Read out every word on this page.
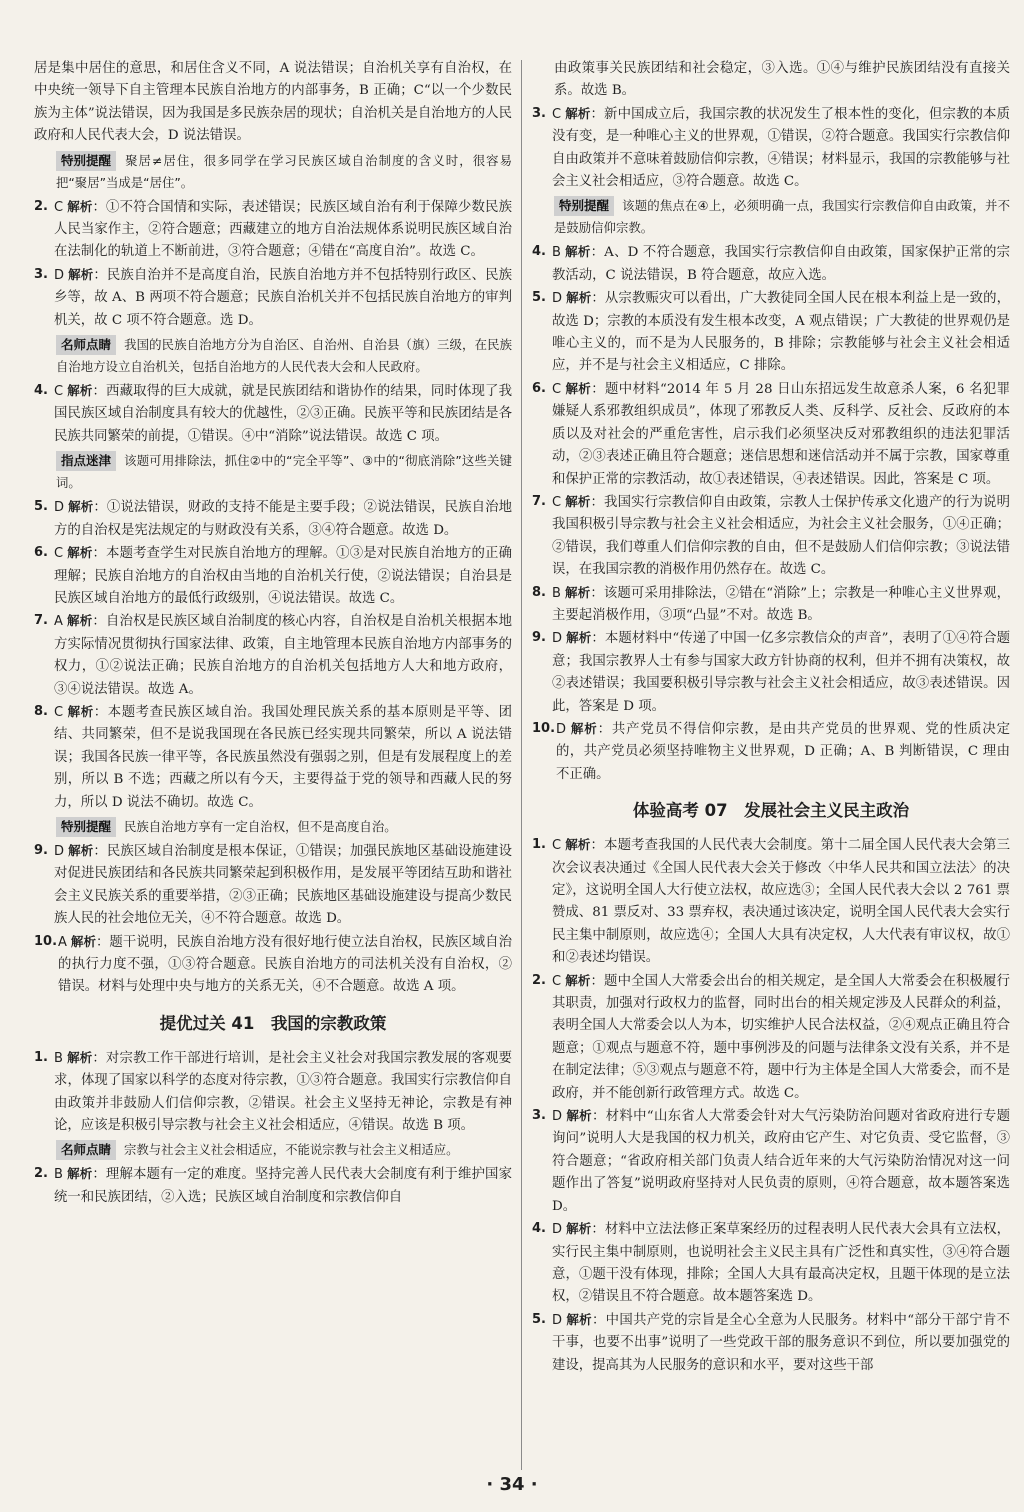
居是集中居住的意思，和居住含义不同，A 说法错误；自治机关享有自治权，在中央统一领导下自主管理本民族自治地方的内部事务，B 正确；C“以一个少数民族为主体”说法错误，因为我国是多民族杂居的现状；自治机关是自治地方的人民政府和人民代表大会，D 说法错误。

特别提醒 聚居≠居住，很多同学在学习民族区域自治制度的含义时，很容易把“聚居”当成是“居住”。
2. C 解析：①不符合国情和实际，表述错误；民族区域自治有利于保障少数民族人民当家作主，②符合题意；西藏建立的地方自治法规体系说明民族区域自治在法制化的轨道上不断前进，③符合题意；④错在“高度自治”。故选 C。
3. D 解析：民族自治并不是高度自治，民族自治地方并不包括特别行政区、民族乡等，故 A、B 两项不符合题意；民族自治机关并不包括民族自治地方的审判机关，故 C 项不符合题意。选 D。
名师点睛 我国的民族自治地方分为自治区、自治州、自治县（旗）三级，在民族自治地方设立自治机关，包括自治地方的人民代表大会和人民政府。
4. C 解析：西藏取得的巨大成就，就是民族团结和谐协作的结果，同时体现了我国民族区域自治制度具有较大的优越性，②③正确。民族平等和民族团结是各民族共同繁荣的前提，①错误。④中“消除”说法错误。故选 C 项。
指点迷津 该题可用排除法，抓住②中的“完全平等”、③中的“彻底消除”这些关键词。
5. D 解析：①说法错误，财政的支持不能是主要手段；②说法错误，民族自治地方的自治权是宪法规定的与财政没有关系，③④符合题意。故选 D。
6. C 解析：本题考查学生对民族自治地方的理解。①③是对民族自治地方的正确理解；民族自治地方的自治权由当地的自治机关行使，②说法错误；自治县是民族区域自治地方的最低行政级别，④说法错误。故选 C。
7. A 解析：自治权是民族区域自治制度的核心内容，自治权是自治机关根据本地方实际情况贯彻执行国家法律、政策，自主地管理本民族自治地方内部事务的权力，①②说法正确；民族自治地方的自治机关包括地方人大和地方政府，③④说法错误。故选 A。
8. C 解析：本题考查民族区域自治。我国处理民族关系的基本原则是平等、团结、共同繁荣，但不是说我国现在各民族已经实现共同繁荣，所以 A 说法错误；我国各民族一律平等，各民族虽然没有强弱之别，但是有发展程度上的差别，所以 B 不选；西藏之所以有今天，主要得益于党的领导和西藏人民的努力，所以 D 说法不确切。故选 C。
特别提醒 民族自治地方享有一定自治权，但不是高度自治。
9. D 解析：民族区域自治制度是根本保证，①错误；加强民族地区基础设施建设对促进民族团结和各民族共同繁荣起到积极作用，是发展平等团结互助和谐社会主义民族关系的重要举措，②③正确；民族地区基础设施建设与提高少数民族人民的社会地位无关，④不符合题意。故选 D。
10. A 解析：题干说明，民族自治地方没有很好地行使立法自治权，民族区域自治的执行力度不强，①③符合题意。民族自治地方的司法机关没有自治权，②错误。材料与处理中央与地方的关系无关，④不合题意。故选 A 项。
提优过关 41　我国的宗教政策
1. B 解析：对宗教工作干部进行培训，是社会主义社会对我国宗教发展的客观要求，体现了国家以科学的态度对待宗教，①③符合题意。我国实行宗教信仰自由政策并非鼓励人们信仰宗教，②错误。社会主义坚持无神论，宗教是有神论，应该是积极引导宗教与社会主义社会相适应，④错误。故选 B 项。
名师点睛 宗教与社会主义社会相适应，不能说宗教与社会主义相适应。
2. B 解析：理解本题有一定的难度。坚持完善人民代表大会制度有利于维护国家统一和民族团结，②入选；民族区域自治制度和宗教信仰自

由政策事关民族团结和社会稳定，③入选。①④与维护民族团结没有直接关系。故选 B。

3. C 解析：新中国成立后，我国宗教的状况发生了根本性的变化，但宗教的本质没有变，是一种唯心主义的世界观，①错误，②符合题意。我国实行宗教信仰自由政策并不意味着鼓励信仰宗教，④错误；材料显示，我国的宗教能够与社会主义社会相适应，③符合题意。故选 C。
特别提醒 该题的焦点在④上，必须明确一点，我国实行宗教信仰自由政策，并不是鼓励信仰宗教。
4. B 解析：A、D 不符合题意，我国实行宗教信仰自由政策，国家保护正常的宗教活动，C 说法错误，B 符合题意，故应入选。
5. D 解析：从宗教赈灾可以看出，广大教徒同全国人民在根本利益上是一致的，故选 D；宗教的本质没有发生根本改变，A 观点错误；广大教徒的世界观仍是唯心主义的，而不是为人民服务的，B 排除；宗教能够与社会主义社会相适应，并不是与社会主义相适应，C 排除。
6. C 解析：题中材料“2014 年 5 月 28 日山东招远发生故意杀人案，6 名犯罪嫌疑人系邪教组织成员”，体现了邪教反人类、反科学、反社会、反政府的本质以及对社会的严重危害性，启示我们必须坚决反对邪教组织的违法犯罪活动，②③表述正确且符合题意；迷信思想和迷信活动并不属于宗教，国家尊重和保护正常的宗教活动，故①表述错误，④表述错误。因此，答案是 C 项。
7. C 解析：我国实行宗教信仰自由政策，宗教人士保护传承文化遗产的行为说明我国积极引导宗教与社会主义社会相适应，为社会主义社会服务，①④正确；②错误，我们尊重人们信仰宗教的自由，但不是鼓励人们信仰宗教；③说法错误，在我国宗教的消极作用仍然存在。故选 C。
8. B 解析：该题可采用排除法，②错在“消除”上；宗教是一种唯心主义世界观，主要起消极作用，③项“凸显”不对。故选 B。
9. D 解析：本题材料中“传递了中国一亿多宗教信众的声音”，表明了①④符合题意；我国宗教界人士有参与国家大政方针协商的权利，但并不拥有决策权，故②表述错误；我国要积极引导宗教与社会主义社会相适应，故③表述错误。因此，答案是 D 项。
10. D 解析：共产党员不得信仰宗教，是由共产党员的世界观、党的性质决定的，共产党员必须坚持唯物主义世界观，D 正确；A、B 判断错误，C 理由不正确。
体验高考 07　发展社会主义民主政治
1. C 解析：本题考查我国的人民代表大会制度。第十二届全国人民代表大会第三次会议表决通过《全国人民代表大会关于修改〈中华人民共和国立法法〉的决定》，这说明全国人大行使立法权，故应选③；全国人民代表大会以 2 761 票赞成、81 票反对、33 票弃权，表决通过该决定，说明全国人民代表大会实行民主集中制原则，故应选④；全国人大具有决定权，人大代表有审议权，故①和②表述均错误。
2. C 解析：题中全国人大常委会出台的相关规定，是全国人大常委会在积极履行其职责，加强对行政权力的监督，同时出台的相关规定涉及人民群众的利益，表明全国人大常委会以人为本，切实维护人民合法权益，②④观点正确且符合题意；①观点与题意不符，题中事例涉及的问题与法律条文没有关系，并不是在制定法律；⑤③观点与题意不符，题中行为主体是全国人大常委会，而不是政府，并不能创新行政管理方式。故选 C。
3. D 解析：材料中“山东省人大常委会针对大气污染防治问题对省政府进行专题询问”说明人大是我国的权力机关，政府由它产生、对它负责、受它监督，③符合题意；“省政府相关部门负责人结合近年来的大气污染防治情况对这一问题作出了答复”说明政府坚持对人民负责的原则，④符合题意，故本题答案选 D。
4. D 解析：材料中立法法修正案草案经历的过程表明人民代表大会具有立法权，实行民主集中制原则，也说明社会主义民主具有广泛性和真实性，③④符合题意，①题干没有体现，排除；全国人大具有最高决定权，且题干体现的是立法权，②错误且不符合题意。故本题答案选 D。
5. D 解析：中国共产党的宗旨是全心全意为人民服务。材料中“部分干部宁肯不干事，也要不出事”说明了一些党政干部的服务意识不到位，所以要加强党的建设，提高其为人民服务的意识和水平，要对这些干部
· 34 ·
